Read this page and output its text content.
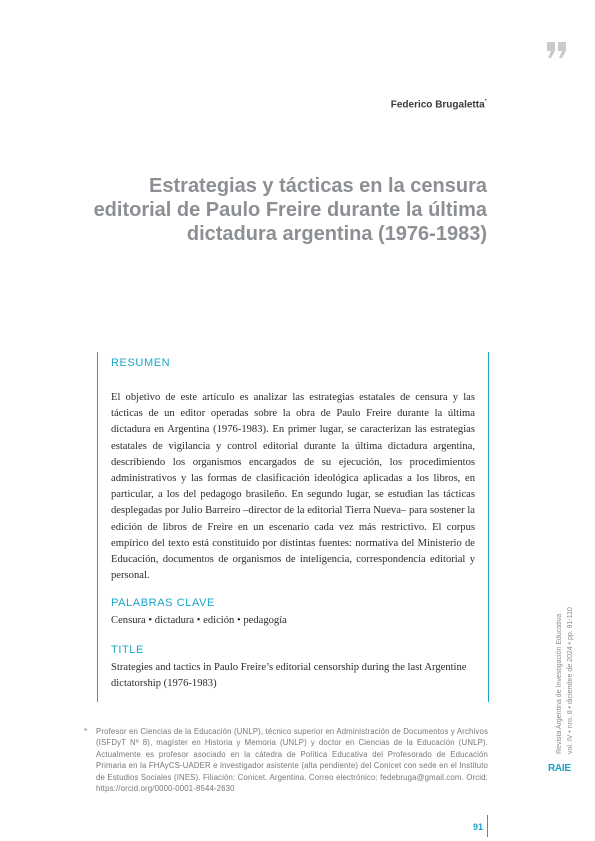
Federico Brugaletta*
Estrategias y tácticas en la censura editorial de Paulo Freire durante la última dictadura argentina (1976-1983)
RESUMEN

El objetivo de este artículo es analizar las estrategias estatales de censura y las tácticas de un editor operadas sobre la obra de Paulo Freire durante la última dictadura en Argentina (1976-1983). En primer lugar, se caracterizan las estrategias estatales de vigilancia y control editorial durante la última dictadura argentina, describiendo los organismos encargados de su ejecución, los procedimientos administrativos y las formas de clasificación ideológica aplicadas a los libros, en particular, a los del pedagogo brasileño. En segundo lugar, se estudian las tácticas desplegadas por Julio Barreiro –director de la editorial Tierra Nueva– para sostener la edición de libros de Freire en un escenario cada vez más restrictivo. El corpus empírico del texto está constituido por distintas fuentes: normativa del Ministerio de Educación, documentos de organismos de inteligencia, correspondencia editorial y personal.

PALABRAS CLAVE

Censura • dictadura • edición • pedagogía

TITLE

Strategies and tactics in Paulo Freire’s editorial censorship during the last Argentine dictatorship (1976-1983)

* Profesor en Ciencias de la Educación (UNLP), técnico superior en Administración de Documentos y Archivos (ISFDyT Nº 8), magíster en Historia y Memoria (UNLP) y doctor en Ciencias de la Educación (UNLP). Actualmente es profesor asociado en la cátedra de Política Educativa del Profesorado de Educación Primaria en la FHAyCS-UADER e investigador asistente (alta pendiente) del Conicet con sede en el Instituto de Estudios Sociales (INES). Filiación: Conicet. Argentina. Correo electrónico: fedebruga@gmail.com. Orcid: https://orcid.org/0000-0001-8544-2630
Revista Argentina de Investigación Educativa vol. IV • nro. 8 • diciembre de 2024 • pp. 91-110
RAIE
91
